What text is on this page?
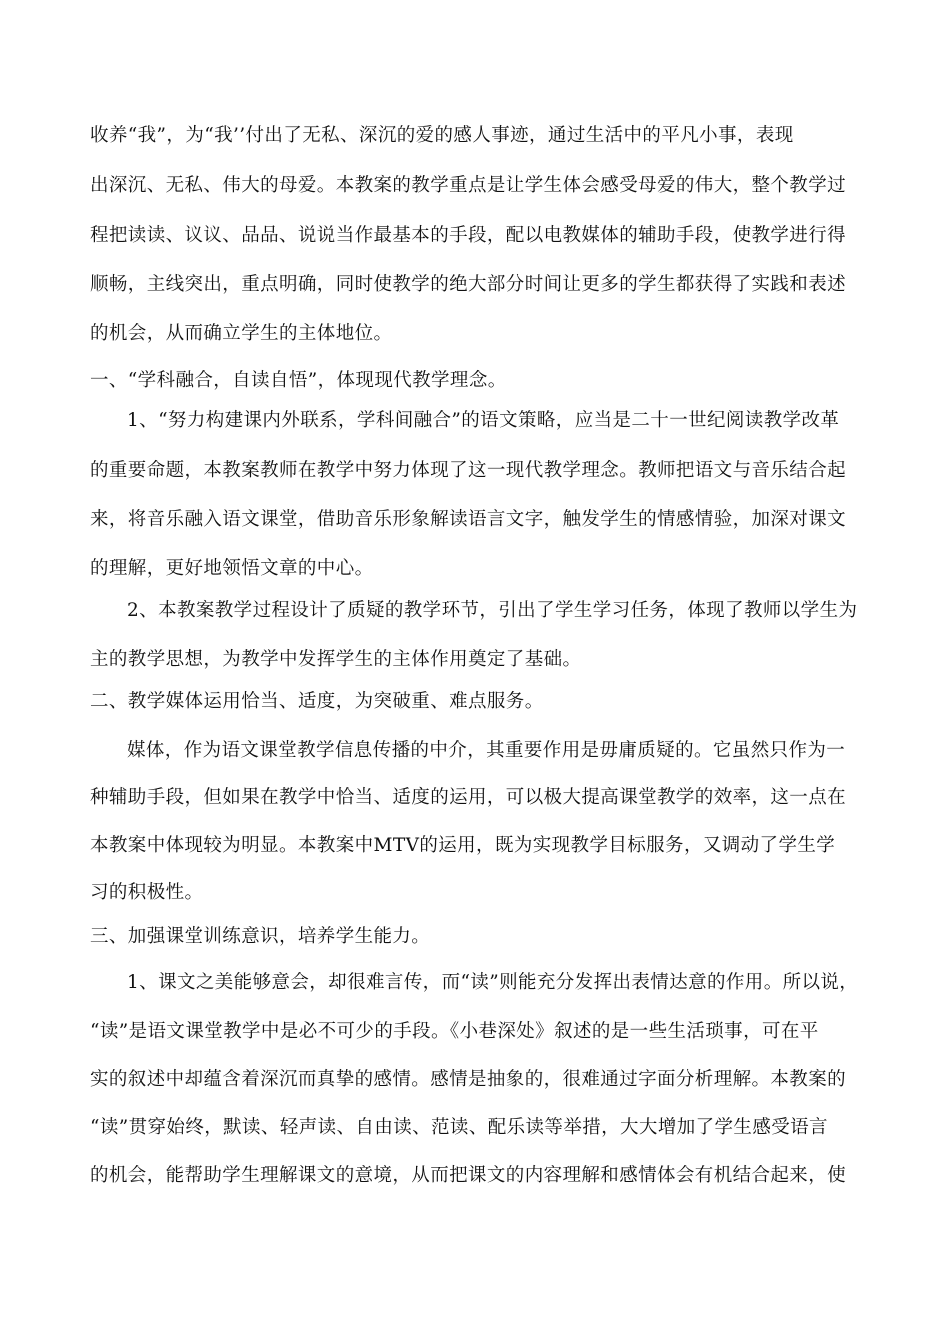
收养“我”，为“我’’付出了无私、深沉的爱的感人事迹，通过生活中的平凡小事，表现
出深沉、无私、伟大的母爱。本教案的教学重点是让学生体会感受母爱的伟大，整个教学过
程把读读、议议、品品、说说当作最基本的手段，配以电教媒体的辅助手段，使教学进行得
顺畅，主线突出，重点明确，同时使教学的绝大部分时间让更多的学生都获得了实践和表述
的机会，从而确立学生的主体地位。
一、“学科融合，自读自悟”，体现现代教学理念。
1、“努力构建课内外联系，学科间融合”的语文策略，应当是二十一世纪阅读教学改革
的重要命题，本教案教师在教学中努力体现了这一现代教学理念。教师把语文与音乐结合起
来，将音乐融入语文课堂，借助音乐形象解读语言文字，触发学生的情感情验，加深对课文
的理解，更好地领悟文章的中心。
2、本教案教学过程设计了质疑的教学环节，引出了学生学习任务，体现了教师以学生为
主的教学思想，为教学中发挥学生的主体作用奠定了基础。
二、教学媒体运用恰当、适度，为突破重、难点服务。
媒体，作为语文课堂教学信息传播的中介，其重要作用是毋庸质疑的。它虽然只作为一
种辅助手段，但如果在教学中恰当、适度的运用，可以极大提高课堂教学的效率，这一点在
本教案中体现较为明显。本教案中MTV的运用，既为实现教学目标服务，又调动了学生学
习的积极性。
三、加强课堂训练意识，培养学生能力。
1、课文之美能够意会，却很难言传，而“读”则能充分发挥出表情达意的作用。所以说，
“读”是语文课堂教学中是必不可少的手段。《小巷深处》叙述的是一些生活琐事，可在平
实的叙述中却蕴含着深沉而真挚的感情。感情是抽象的，很难通过字面分析理解。本教案的
“读”贯穿始终，默读、轻声读、自由读、范读、配乐读等举措，大大增加了学生感受语言
的机会，能帮助学生理解课文的意境，从而把课文的内容理解和感情体会有机结合起来，使
